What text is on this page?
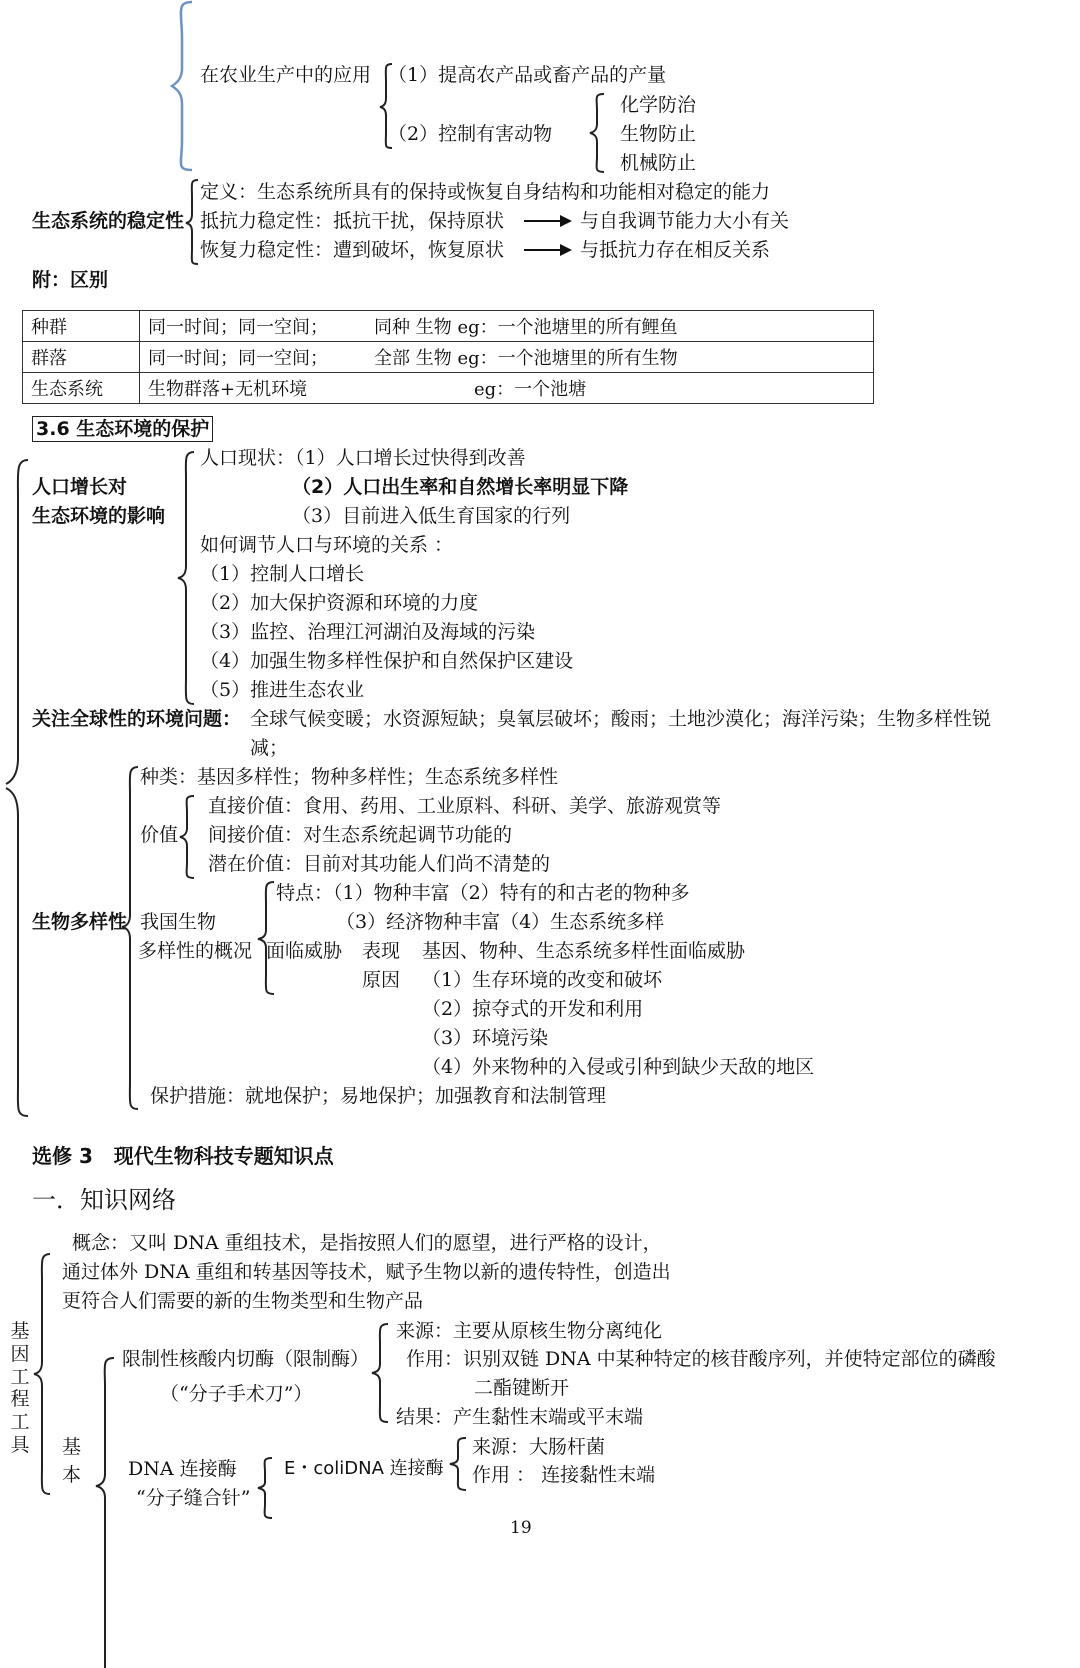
在农业生产中的应用 （1）提高农产品或畜产品的产量
（2）控制有害动物
化学防治
生物防止
机械防止
生态系统的稳定性
定义：生态系统所具有的保持或恢复自身结构和功能相对稳定的能力
抵抗力稳定性：抵抗干扰，保持原状	与自我调节能力大小有关
恢复力稳定性：遭到破坏，恢复原状	与抵抗力存在相反关系
附：区别
种群	同一时间；同一空间； 同种 生物 eg：一个池塘里的所有鲤鱼
群落	同一时间；同一空间； 全部 生物 eg：一个池塘里的所有生物
生态系统	生物群落+无机环境 eg：一个池塘
3.6 生态环境的保护
人口增长对
生态环境的影响
人口现状：（1）人口增长过快得到改善
（2）人口出生率和自然增长率明显下降
（3）目前进入低生育国家的行列
如何调节人口与环境的关系 ：
（1）控制人口增长
（2）加大保护资源和环境的力度
（3）监控、治理江河湖泊及海域的污染
（4）加强生物多样性保护和自然保护区建设
（5）推进生态农业
关注全球性的环境问题： 全球气候变暖；水资源短缺；臭氧层破坏；酸雨；土地沙漠化；海洋污染；生物多样性锐
减；
生物多样性
种类：基因多样性；物种多样性；生态系统多样性
价值
直接价值：食用、药用、工业原料、科研、美学、旅游观赏等
间接价值：对生态系统起调节功能的
潜在价值：目前对其功能人们尚不清楚的
我国生物
多样性的概况
特点：（1）物种丰富（2）特有的和古老的物种多
（3）经济物种丰富（4）生态系统多样
面临威胁 表现 基因、物种、生态系统多样性面临威胁
原因 （1）生存环境的改变和破坏
（2）掠夺式的开发和利用
（3）环境污染
（4）外来物种的入侵或引种到缺少天敌的地区
保护措施：就地保护；易地保护；加强教育和法制管理
选修 3   现代生物科技专题知识点
一．知识网络
概念：又叫 DNA 重组技术，是指按照人们的愿望，进行严格的设计，
通过体外 DNA 重组和转基因等技术，赋予生物以新的遗传特性，创造出
更符合人们需要的新的生物类型和生物产品
基
因
工
程
工
具 基
本
限制性核酸内切酶（限制酶）
（“分子手术刀”）
来源：主要从原核生物分离纯化
作用：识别双链 DNA 中某种特定的核苷酸序列，并使特定部位的磷酸
二酯键断开
结果：产生黏性末端或平末端
DNA 连接酶
“分子缝合针”
E・coliDNA 连接酶
来源：大肠杆菌
作用 ： 连接黏性末端
19
